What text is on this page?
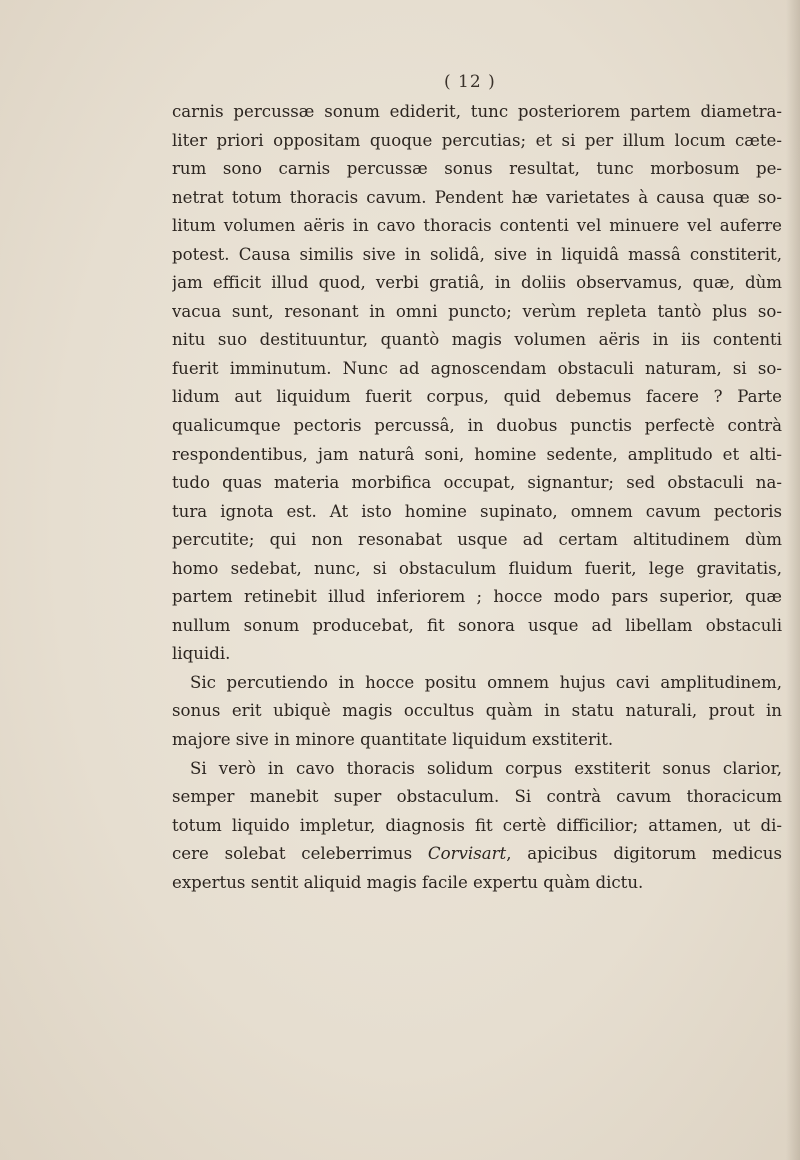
( 12 )
carnis percussæ sonum ediderit, tunc posteriorem partem diametra-
liter priori oppositam quoque percutias; et si per illum locum cæte-
rum sono carnis percussæ sonus resultat, tunc morbosum pe-
netrat totum thoracis cavum. Pendent hæ varietates à causa quæ so-
litum volumen aëris in cavo thoracis contenti vel minuere vel auferre
potest. Causa similis sive in solidâ, sive in liquidâ massâ constiterit,
jam efficit illud quod, verbi gratiâ, in doliis observamus, quæ, dùm
vacua sunt, resonant in omni puncto; verùm repleta tantò plus so-
nitu suo destituuntur, quantò magis volumen aëris in iis contenti
fuerit imminutum. Nunc ad agnoscendam obstaculi naturam, si so-
lidum aut liquidum fuerit corpus, quid debemus facere ? Parte
qualicumque pectoris percussâ, in duobus punctis perfectè contrà
respondentibus, jam naturâ soni, homine sedente, amplitudo et alti-
tudo quas materia morbifica occupat, signantur; sed obstaculi na-
tura ignota est. At isto homine supinato, omnem cavum pectoris
percutite; qui non resonabat usque ad certam altitudinem dùm
homo sedebat, nunc, si obstaculum fluidum fuerit, lege gravitatis,
partem retinebit illud inferiorem ; hocce modo pars superior, quæ
nullum sonum producebat, fit sonora usque ad libellam obstaculi
liquidi.
Sic percutiendo in hocce positu omnem hujus cavi amplitudinem,
sonus erit ubiquè magis occultus quàm in statu naturali, prout in
majore sive in minore quantitate liquidum exstiterit.
Si verò in cavo thoracis solidum corpus exstiterit sonus clarior,
semper manebit super obstaculum. Si contrà cavum thoracicum
totum liquido impletur, diagnosis fit certè difficilior; attamen, ut di-
cere solebat celeberrimus Corvisart, apicibus digitorum medicus
expertus sentit aliquid magis facile expertu quàm dictu.
